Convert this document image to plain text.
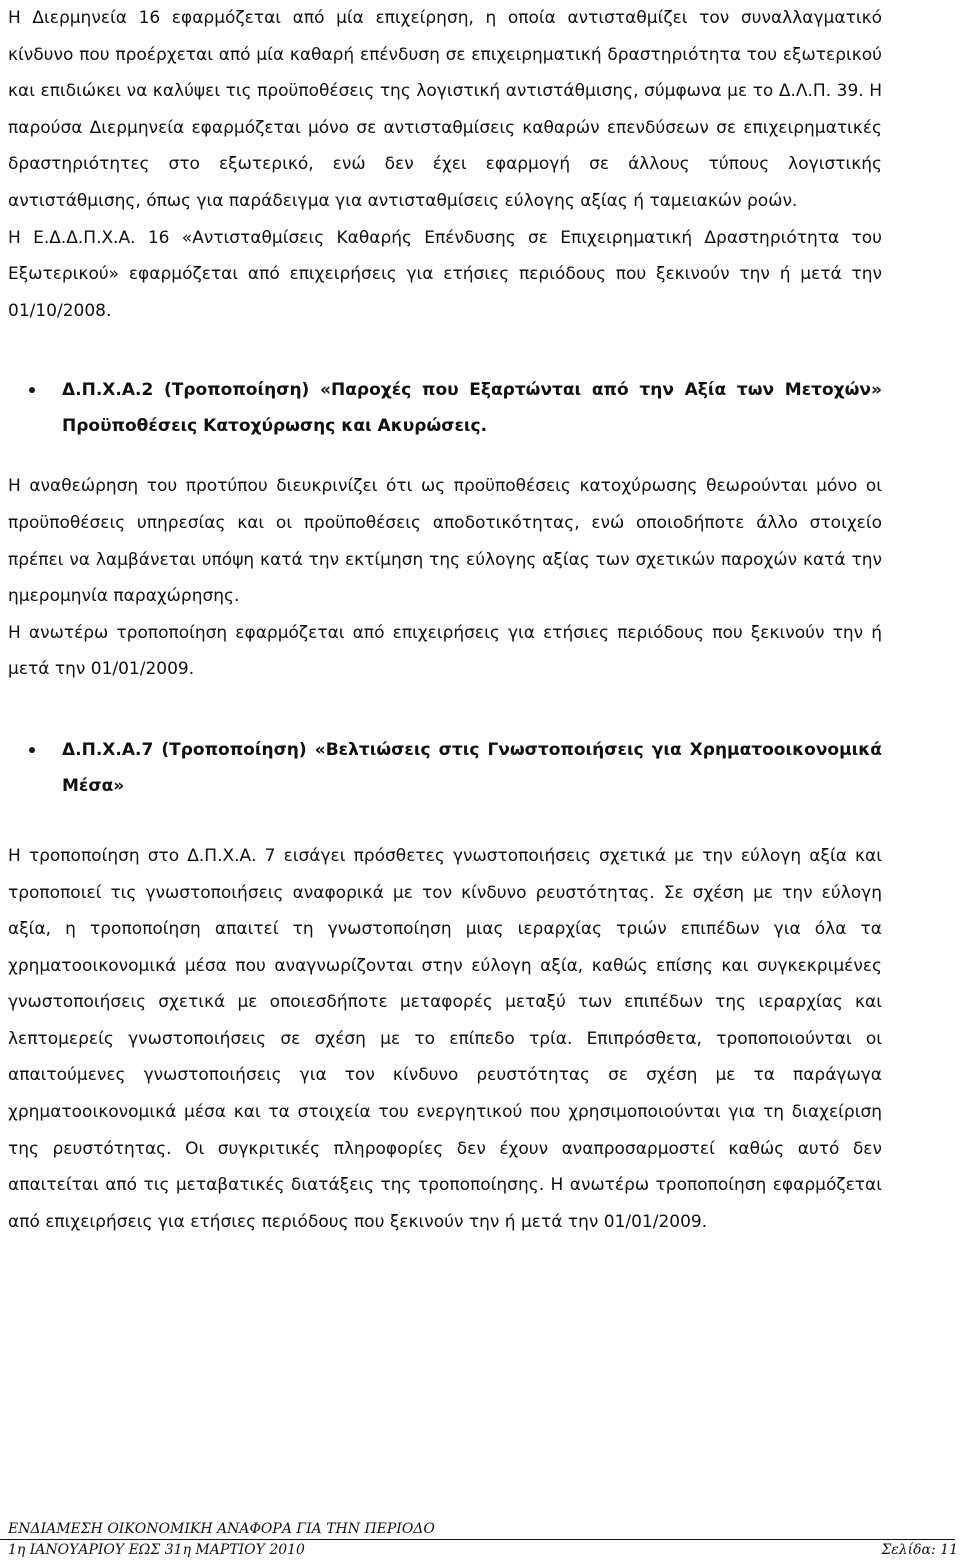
Η Διερμηνεία 16 εφαρμόζεται από μία επιχείρηση, η οποία αντισταθμίζει τον συναλλαγματικό κίνδυνο που προέρχεται από μία καθαρή επένδυση σε επιχειρηματική δραστηριότητα του εξωτερικού και επιδιώκει να καλύψει τις προϋποθέσεις της λογιστική αντιστάθμισης, σύμφωνα με το Δ.Λ.Π. 39. Η παρούσα Διερμηνεία εφαρμόζεται μόνο σε αντισταθμίσεις καθαρών επενδύσεων σε επιχειρηματικές δραστηριότητες στο εξωτερικό, ενώ δεν έχει εφαρμογή σε άλλους τύπους λογιστικής αντιστάθμισης, όπως για παράδειγμα για αντισταθμίσεις εύλογης αξίας ή ταμειακών ροών.

Η Ε.Δ.Δ.Π.Χ.Α. 16 «Αντισταθμίσεις Καθαρής Επένδυσης σε Επιχειρηματική Δραστηριότητα του Εξωτερικού» εφαρμόζεται από επιχειρήσεις για ετήσιες περιόδους που ξεκινούν την ή μετά την 01/10/2008.

Δ.Π.Χ.Α.2 (Τροποποίηση) «Παροχές που Εξαρτώνται από την Αξία των Μετοχών» Προϋποθέσεις Κατοχύρωσης και Ακυρώσεις.

Η αναθεώρηση του προτύπου διευκρινίζει ότι ως προϋποθέσεις κατοχύρωσης θεωρούνται μόνο οι προϋποθέσεις υπηρεσίας και οι προϋποθέσεις αποδοτικότητας, ενώ οποιοδήποτε άλλο στοιχείο πρέπει να λαμβάνεται υπόψη κατά την εκτίμηση της εύλογης αξίας των σχετικών παροχών κατά την ημερομηνία παραχώρησης.

Η ανωτέρω τροποποίηση εφαρμόζεται από επιχειρήσεις για ετήσιες περιόδους που ξεκινούν την ή μετά την 01/01/2009.

Δ.Π.Χ.Α.7 (Τροποποίηση) «Βελτιώσεις στις Γνωστοποιήσεις για Χρηματοοικονομικά Μέσα»

Η τροποποίηση στο Δ.Π.Χ.Α. 7 εισάγει πρόσθετες γνωστοποιήσεις σχετικά με την εύλογη αξία και τροποποιεί τις γνωστοποιήσεις αναφορικά με τον κίνδυνο ρευστότητας. Σε σχέση με την εύλογη αξία, η τροποποίηση απαιτεί τη γνωστοποίηση μιας ιεραρχίας τριών επιπέδων για όλα τα χρηματοοικονομικά μέσα που αναγνωρίζονται στην εύλογη αξία, καθώς επίσης και συγκεκριμένες γνωστοποιήσεις σχετικά με οποιεσδήποτε μεταφορές μεταξύ των επιπέδων της ιεραρχίας και λεπτομερείς γνωστοποιήσεις σε σχέση με το επίπεδο τρία. Επιπρόσθετα, τροποποιούνται οι απαιτούμενες γνωστοποιήσεις για τον κίνδυνο ρευστότητας σε σχέση με τα παράγωγα χρηματοοικονομικά μέσα και τα στοιχεία του ενεργητικού που χρησιμοποιούνται για τη διαχείριση της ρευστότητας. Οι συγκριτικές πληροφορίες δεν έχουν αναπροσαρμοστεί καθώς αυτό δεν απαιτείται από τις μεταβατικές διατάξεις της τροποποίησης. Η ανωτέρω τροποποίηση εφαρμόζεται από επιχειρήσεις για ετήσιες περιόδους που ξεκινούν την ή μετά την 01/01/2009.

ΕΝΔΙΑΜΕΣΗ ΟΙΚΟΝΟΜΙΚΗ ΑΝΑΦΟΡΑ ΓΙΑ ΤΗΝ ΠΕΡΙΟΔΟ
1η ΙΑΝΟΥΑΡΙΟΥ ΕΩΣ 31η ΜΑΡΤΙΟΥ 2010	Σελίδα: 11
